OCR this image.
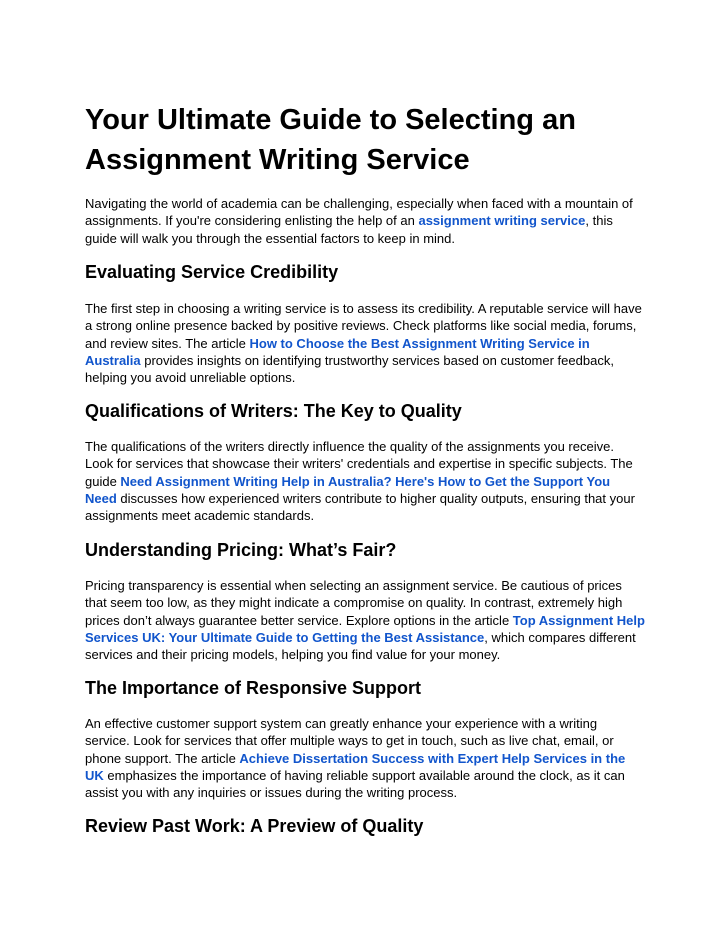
Your Ultimate Guide to Selecting an Assignment Writing Service

Navigating the world of academia can be challenging, especially when faced with a mountain of assignments. If you're considering enlisting the help of an assignment writing service, this guide will walk you through the essential factors to keep in mind.

Evaluating Service Credibility

The first step in choosing a writing service is to assess its credibility. A reputable service will have a strong online presence backed by positive reviews. Check platforms like social media, forums, and review sites. The article How to Choose the Best Assignment Writing Service in Australia provides insights on identifying trustworthy services based on customer feedback, helping you avoid unreliable options.

Qualifications of Writers: The Key to Quality

The qualifications of the writers directly influence the quality of the assignments you receive. Look for services that showcase their writers' credentials and expertise in specific subjects. The guide Need Assignment Writing Help in Australia? Here's How to Get the Support You Need discusses how experienced writers contribute to higher quality outputs, ensuring that your assignments meet academic standards.

Understanding Pricing: What’s Fair?

Pricing transparency is essential when selecting an assignment service. Be cautious of prices that seem too low, as they might indicate a compromise on quality. In contrast, extremely high prices don’t always guarantee better service. Explore options in the article Top Assignment Help Services UK: Your Ultimate Guide to Getting the Best Assistance, which compares different services and their pricing models, helping you find value for your money.

The Importance of Responsive Support

An effective customer support system can greatly enhance your experience with a writing service. Look for services that offer multiple ways to get in touch, such as live chat, email, or phone support. The article Achieve Dissertation Success with Expert Help Services in the UK emphasizes the importance of having reliable support available around the clock, as it can assist you with any inquiries or issues during the writing process.

Review Past Work: A Preview of Quality
